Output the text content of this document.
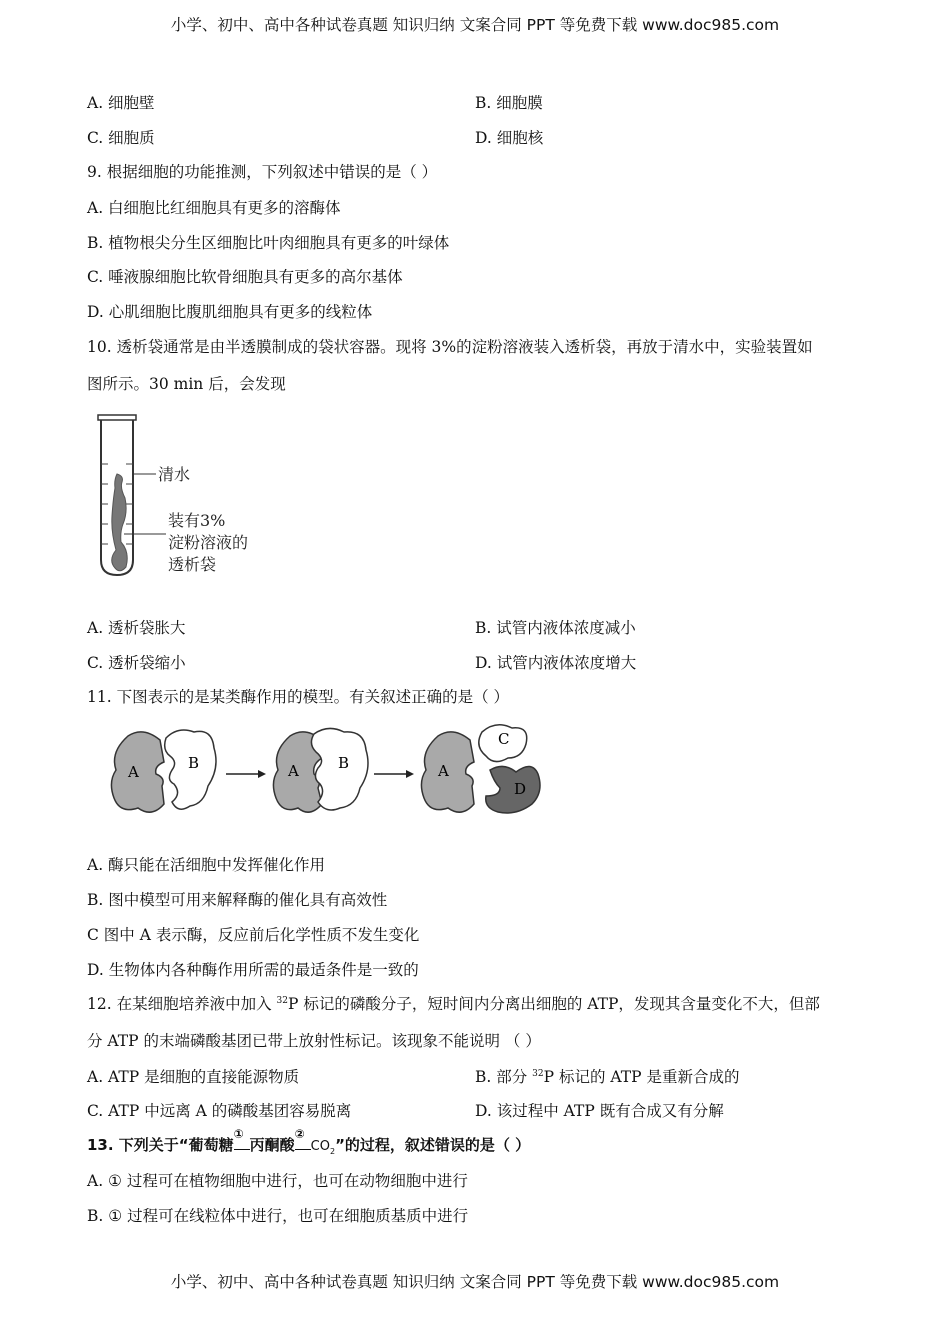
小学、初中、高中各种试卷真题 知识归纳 文案合同 PPT 等免费下载 www.doc985.com
A. 细胞壁	B. 细胞膜
C. 细胞质	D. 细胞核
9. 根据细胞的功能推测，下列叙述中错误的是（ ）
A. 白细胞比红细胞具有更多的溶酶体
B. 植物根尖分生区细胞比叶肉细胞具有更多的叶绿体
C. 唾液腺细胞比软骨细胞具有更多的高尔基体
D. 心肌细胞比腹肌细胞具有更多的线粒体
10. 透析袋通常是由半透膜制成的袋状容器。现将 3%的淀粉溶液装入透析袋，再放于清水中，实验装置如
图所示。30 min 后，会发现
清水
装有3%
淀粉溶液的
透析袋
A. 透析袋胀大	B. 试管内液体浓度减小
C. 透析袋缩小	D. 试管内液体浓度增大
11. 下图表示的是某类酶作用的模型。有关叙述正确的是（ ）
A	B	A	B	A
C
D
A. 酶只能在活细胞中发挥催化作用
B. 图中模型可用来解释酶的催化具有高效性
C 图中 A 表示酶，反应前后化学性质不发生变化
D. 生物体内各种酶作用所需的最适条件是一致的
12. 在某细胞培养液中加入 $^{32}$P 标记的磷酸分子，短时间内分离出细胞的 ATP，发现其含量变化不大，但部
分 ATP 的末端磷酸基团已带上放射性标记。该现象不能说明 （ ）
A. ATP 是细胞的直接能源物质	B. 部分 $^{32}$P 标记的 ATP 是重新合成的
C. ATP 中远离 A 的磷酸基团容易脱离	D. 该过程中 ATP 既有合成又有分解
13. 下列关于“葡萄糖
①
丙酮酸
②
$CO_2$”的过程，叙述错误的是（ ）
A. ① 过程可在植物细胞中进行，也可在动物细胞中进行
B. ① 过程可在线粒体中进行，也可在细胞质基质中进行
小学、初中、高中各种试卷真题 知识归纳 文案合同 PPT 等免费下载 www.doc985.com
